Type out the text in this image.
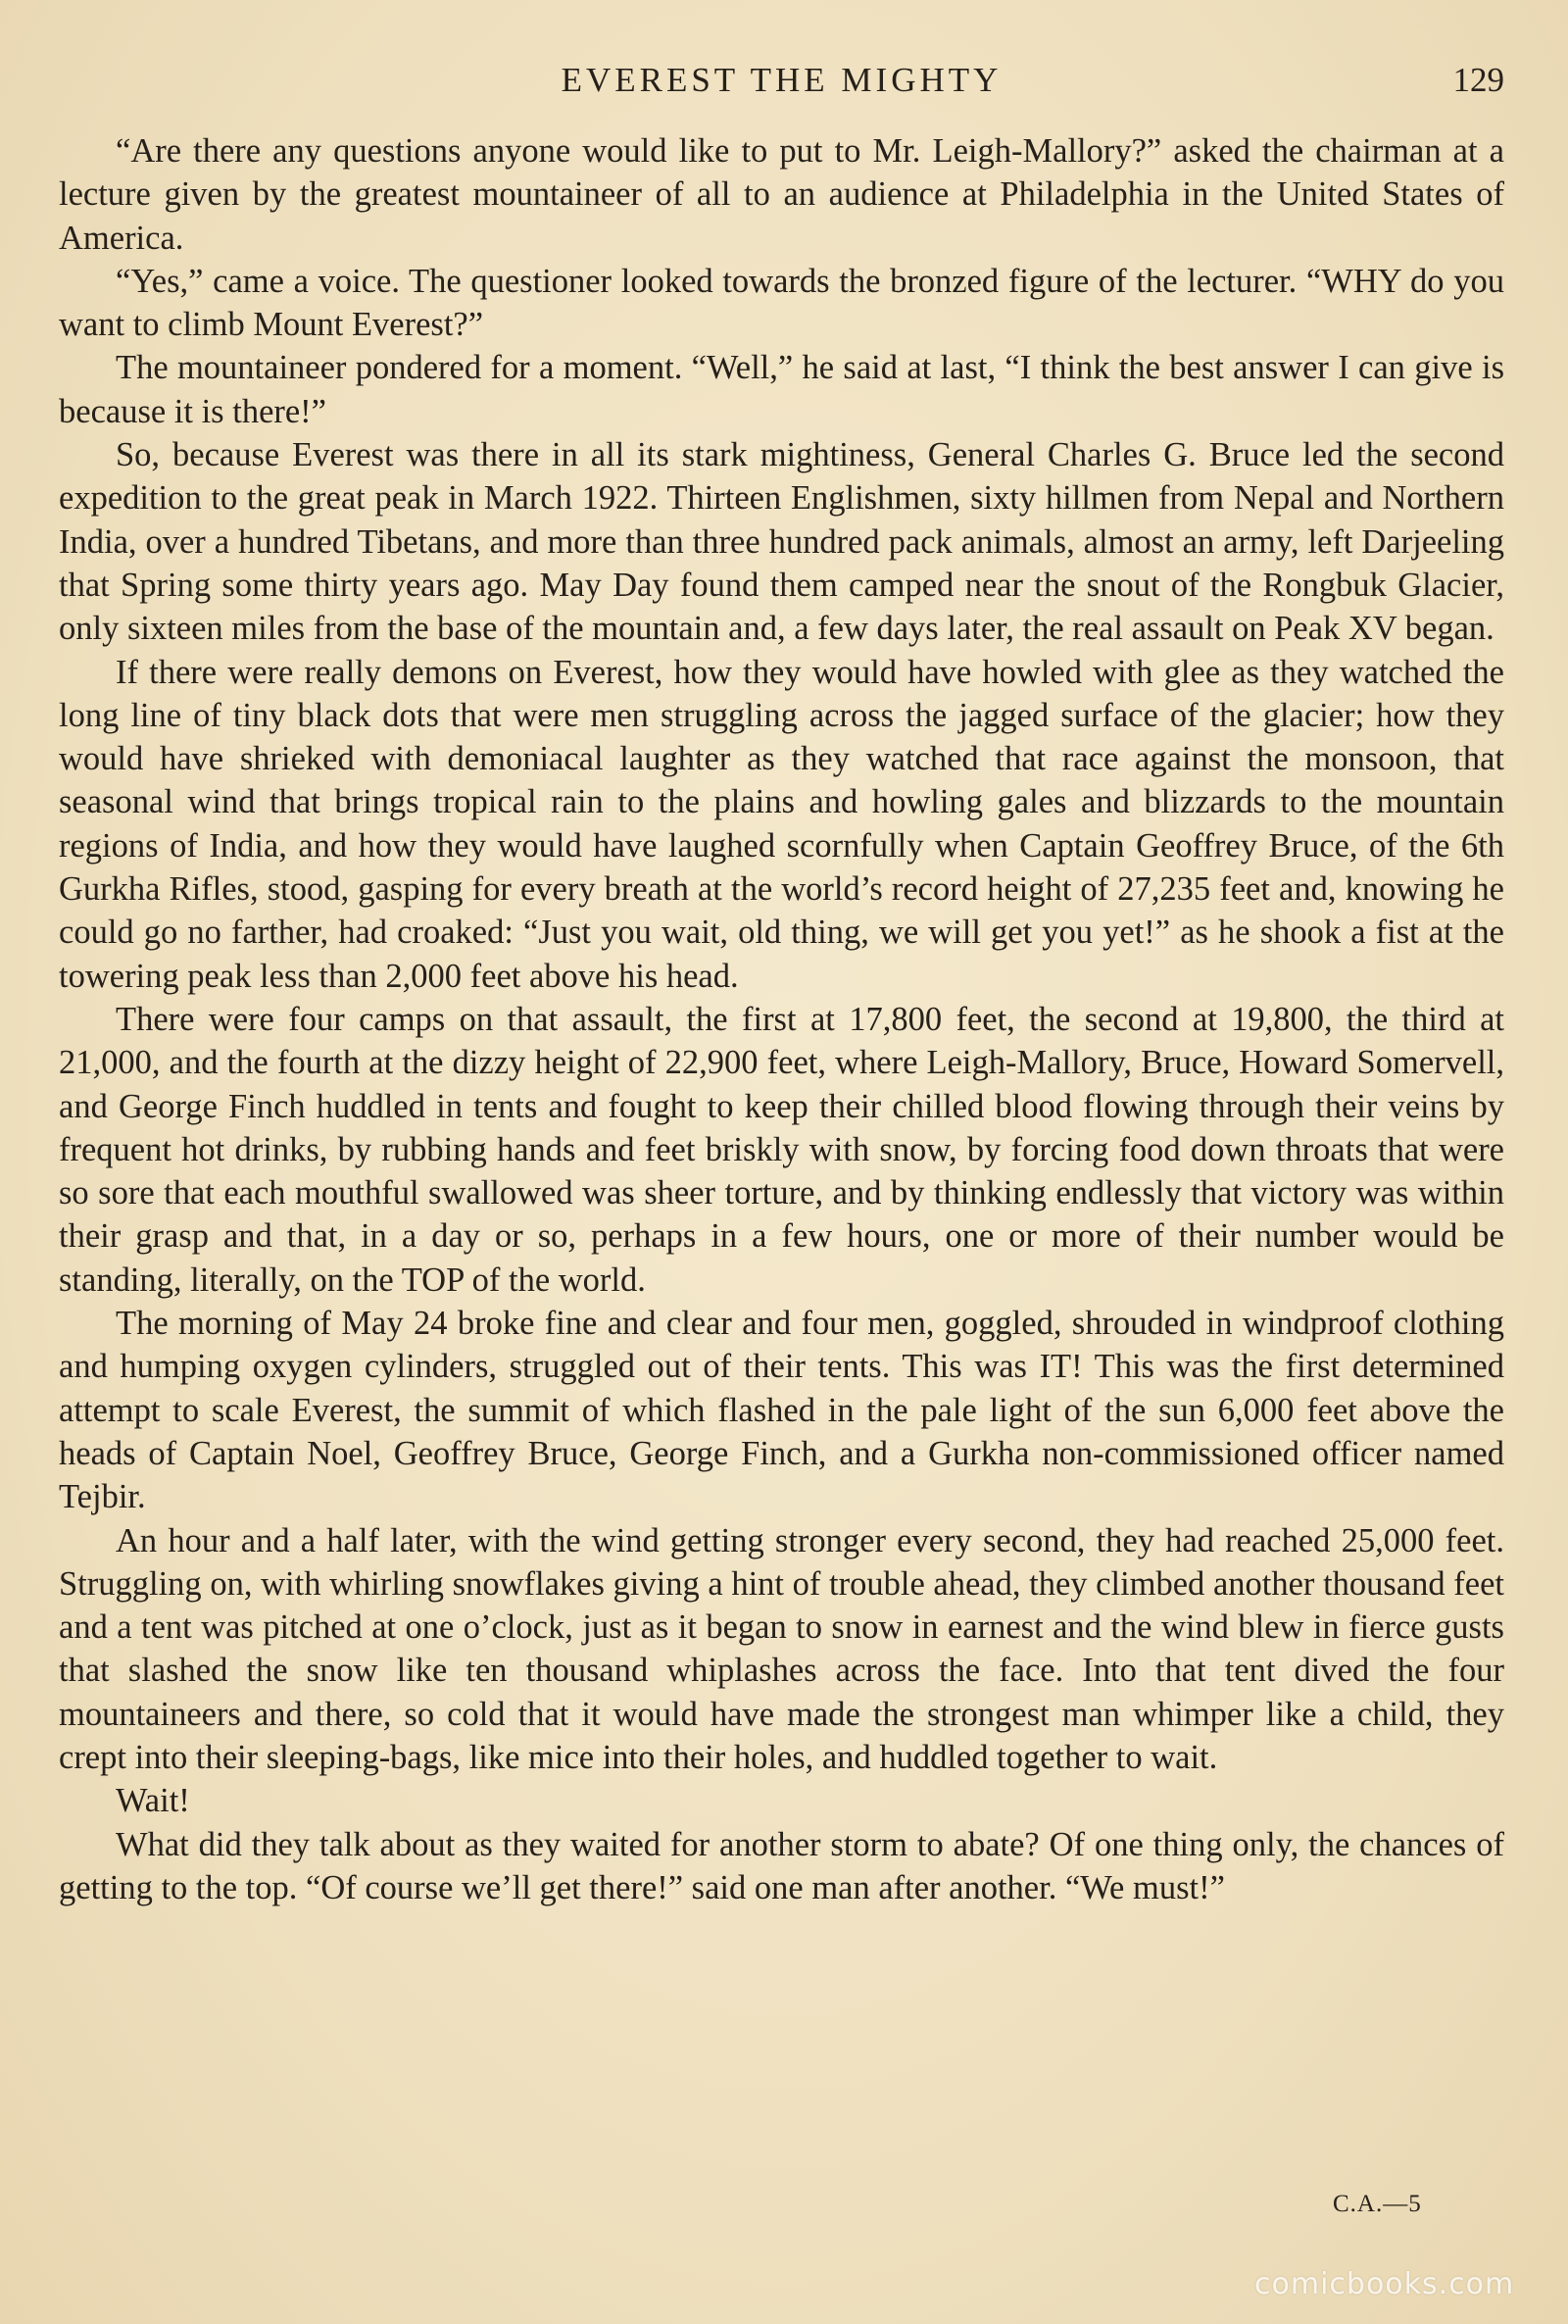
EVEREST THE MIGHTY	129

“Are there any questions anyone would like to put to Mr. Leigh-Mallory?” asked the chairman at a lecture given by the greatest mountaineer of all to an audience at Philadelphia in the United States of America.

“Yes,” came a voice. The questioner looked towards the bronzed figure of the lecturer. “WHY do you want to climb Mount Everest?”

The mountaineer pondered for a moment. “Well,” he said at last, “I think the best answer I can give is because it is there!”

So, because Everest was there in all its stark mightiness, General Charles G. Bruce led the second expedition to the great peak in March 1922. Thirteen Englishmen, sixty hillmen from Nepal and Northern India, over a hundred Tibetans, and more than three hundred pack animals, almost an army, left Darjeeling that Spring some thirty years ago. May Day found them camped near the snout of the Rongbuk Glacier, only sixteen miles from the base of the mountain and, a few days later, the real assault on Peak XV began.

If there were really demons on Everest, how they would have howled with glee as they watched the long line of tiny black dots that were men struggling across the jagged surface of the glacier; how they would have shrieked with demoniacal laughter as they watched that race against the monsoon, that seasonal wind that brings tropical rain to the plains and howling gales and blizzards to the mountain regions of India, and how they would have laughed scornfully when Captain Geoffrey Bruce, of the 6th Gurkha Rifles, stood, gasping for every breath at the world’s record height of 27,235 feet and, knowing he could go no farther, had croaked: “Just you wait, old thing, we will get you yet!” as he shook a fist at the towering peak less than 2,000 feet above his head.

There were four camps on that assault, the first at 17,800 feet, the second at 19,800, the third at 21,000, and the fourth at the dizzy height of 22,900 feet, where Leigh-Mallory, Bruce, Howard Somervell, and George Finch huddled in tents and fought to keep their chilled blood flowing through their veins by frequent hot drinks, by rubbing hands and feet briskly with snow, by forcing food down throats that were so sore that each mouthful swallowed was sheer torture, and by thinking endlessly that victory was within their grasp and that, in a day or so, perhaps in a few hours, one or more of their number would be standing, literally, on the TOP of the world.

The morning of May 24 broke fine and clear and four men, goggled, shrouded in windproof clothing and humping oxygen cylinders, struggled out of their tents. This was IT! This was the first determined attempt to scale Everest, the summit of which flashed in the pale light of the sun 6,000 feet above the heads of Captain Noel, Geoffrey Bruce, George Finch, and a Gurkha non-commissioned officer named Tejbir.

An hour and a half later, with the wind getting stronger every second, they had reached 25,000 feet. Struggling on, with whirling snowflakes giving a hint of trouble ahead, they climbed another thousand feet and a tent was pitched at one o’clock, just as it began to snow in earnest and the wind blew in fierce gusts that slashed the snow like ten thousand whiplashes across the face. Into that tent dived the four mountaineers and there, so cold that it would have made the strongest man whimper like a child, they crept into their sleeping-bags, like mice into their holes, and huddled together to wait.

Wait!

What did they talk about as they waited for another storm to abate? Of one thing only, the chances of getting to the top. “Of course we’ll get there!” said one man after another. “We must!”

C.A.—5
comicbooks.com
